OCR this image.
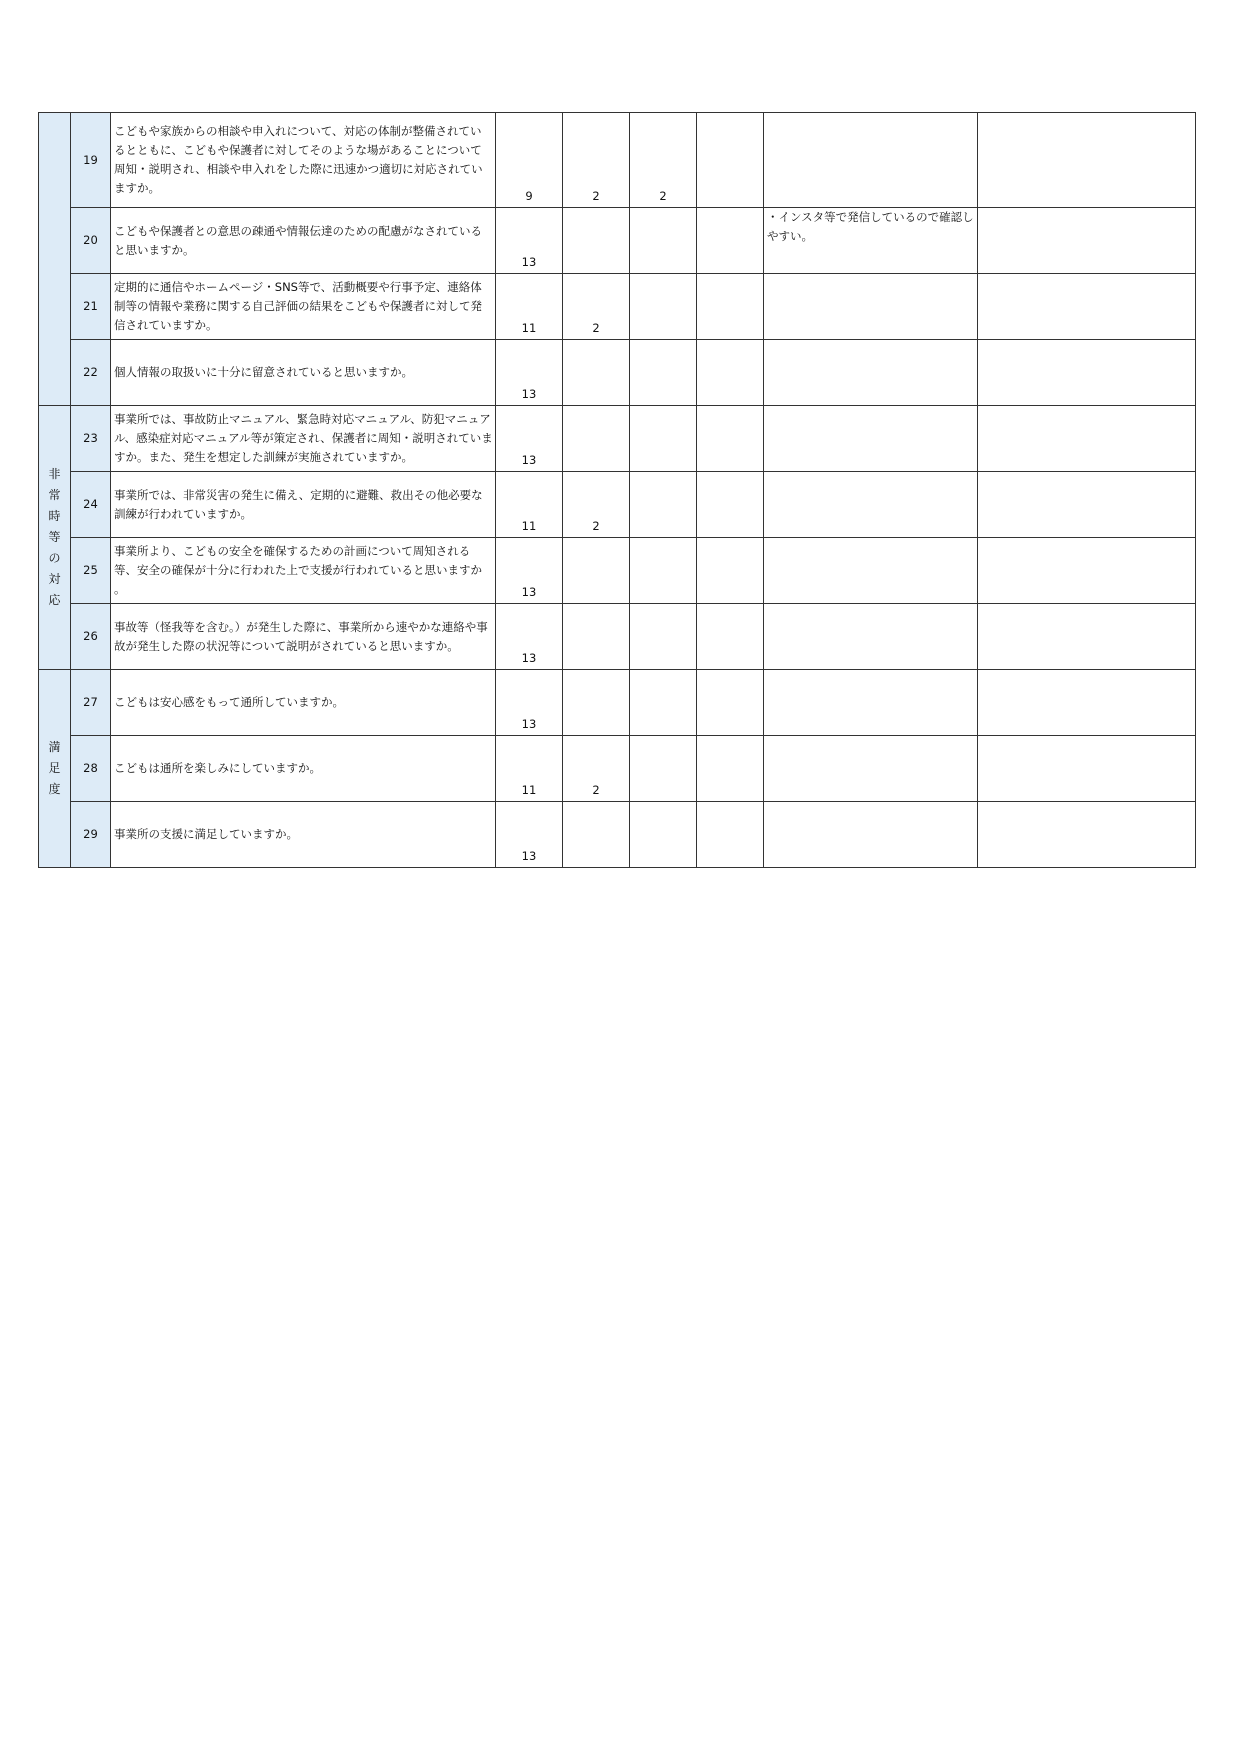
	19	こどもや家族からの相談や申入れについて、対応の体制が整備されているとともに、こどもや保護者に対してそのような場があることについて周知・説明され、相談や申入れをした際に迅速かつ適切に対応されていますか。	9	2	2			
	20	こどもや保護者との意思の疎通や情報伝達のための配慮がなされていると思いますか。	13				・インスタ等で発信しているので確認しやすい。	
	21	定期的に通信やホームページ・SNS等で、活動概要や行事予定、連絡体制等の情報や業務に関する自己評価の結果をこどもや保護者に対して発信されていますか。	11	2				
	22	個人情報の取扱いに十分に留意されていると思いますか。	13					
非常時等の対応	23	事業所では、事故防止マニュアル、緊急時対応マニュアル、防犯マニュアル、感染症対応マニュアル等が策定され、保護者に周知・説明されていますか。また、発生を想定した訓練が実施されていますか。	13					
	24	事業所では、非常災害の発生に備え、定期的に避難、救出その他必要な訓練が行われていますか。	11	2				
	25	事業所より、こどもの安全を確保するための計画について周知される等、安全の確保が十分に行われた上で支援が行われていると思いますか 。	13					
	26	事故等（怪我等を含む。）が発生した際に、事業所から速やかな連絡や事故が発生した際の状況等について説明がされていると思いますか。	13					
満足度	27	こどもは安心感をもって通所していますか。	13					
	28	こどもは通所を楽しみにしていますか。	11	2				
	29	事業所の支援に満足していますか。	13					
